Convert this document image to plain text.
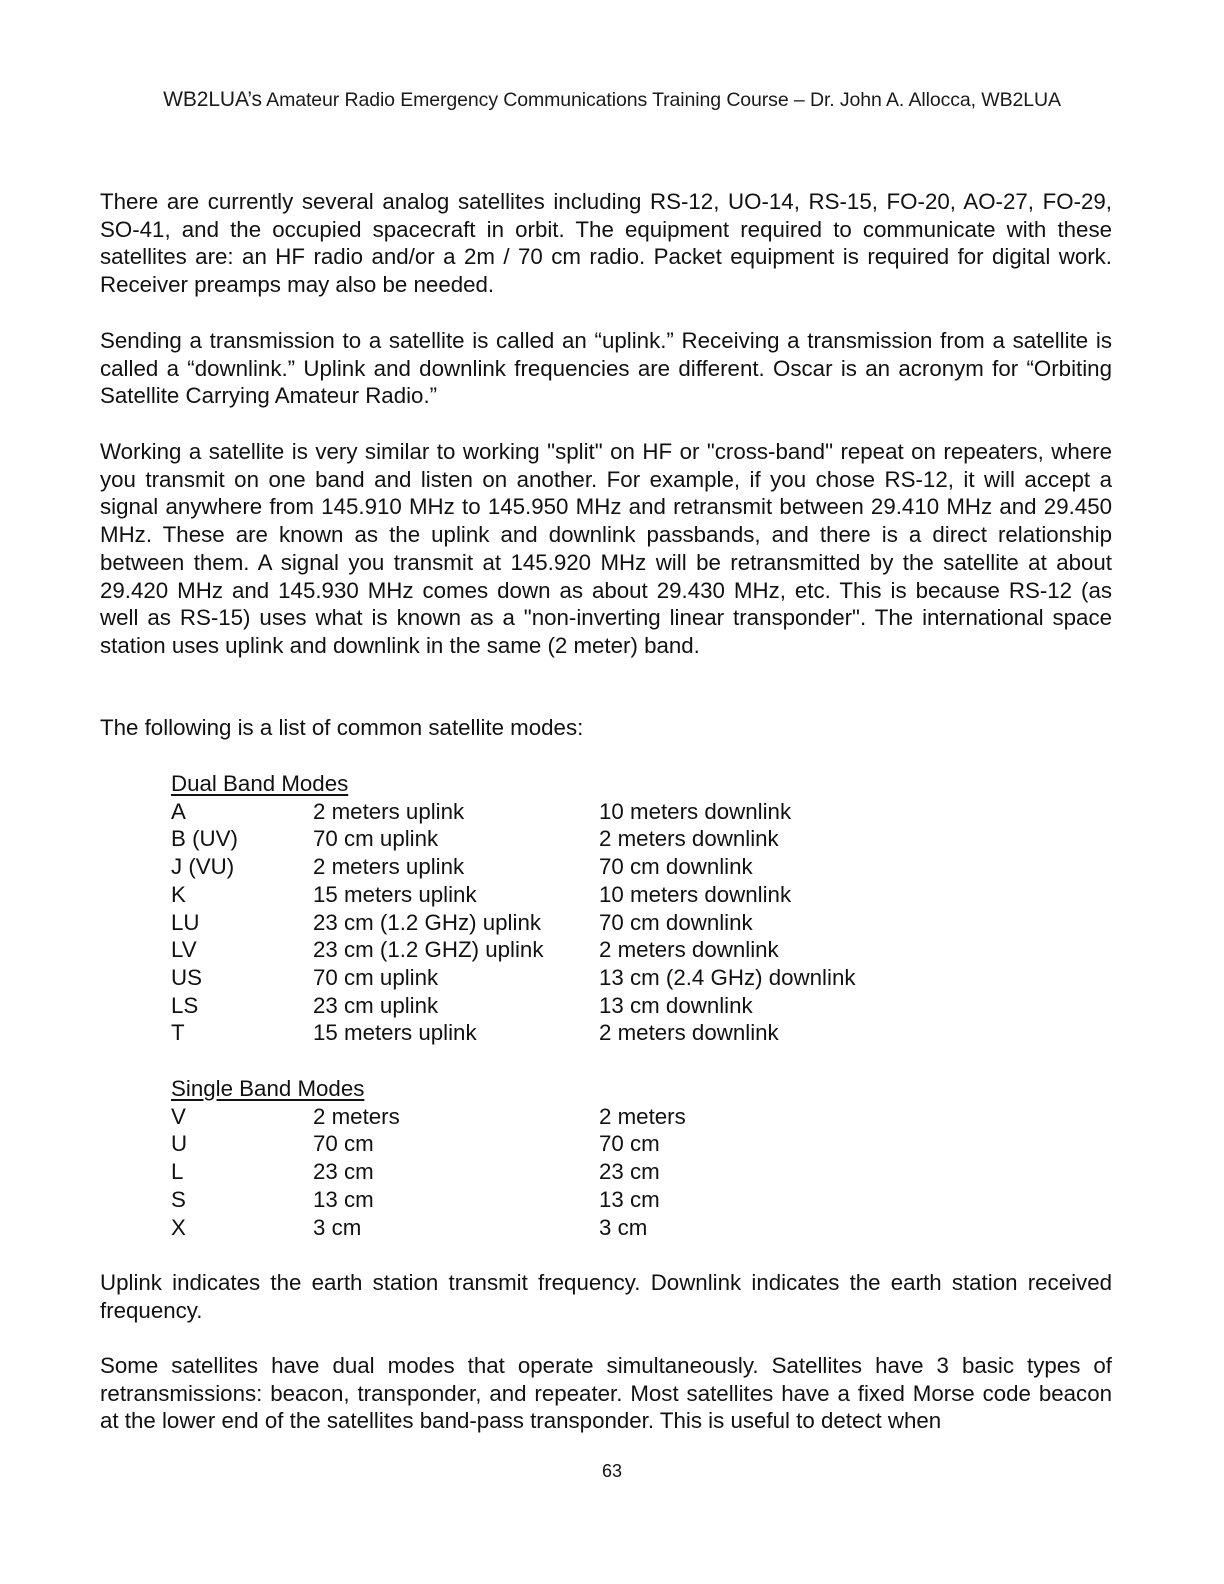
WB2LUA’s Amateur Radio Emergency Communications Training Course – Dr. John A. Allocca, WB2LUA

There are currently several analog satellites including RS-12, UO-14, RS-15, FO-20, AO-27, FO-29, SO-41, and the occupied spacecraft in orbit. The equipment required to communicate with these satellites are: an HF radio and/or a 2m / 70 cm radio. Packet equipment is required for digital work. Receiver preamps may also be needed.

Sending a transmission to a satellite is called an “uplink.” Receiving a transmission from a satellite is called a “downlink.” Uplink and downlink frequencies are different. Oscar is an acronym for “Orbiting Satellite Carrying Amateur Radio.”

Working a satellite is very similar to working "split" on HF or "cross-band" repeat on repeaters, where you transmit on one band and listen on another. For example, if you chose RS-12, it will accept a signal anywhere from 145.910 MHz to 145.950 MHz and retransmit between 29.410 MHz and 29.450 MHz. These are known as the uplink and downlink passbands, and there is a direct relationship between them. A signal you transmit at 145.920 MHz will be retransmitted by the satellite at about 29.420 MHz and 145.930 MHz comes down as about 29.430 MHz, etc. This is because RS-12 (as well as RS-15) uses what is known as a "non-inverting linear transponder". The international space station uses uplink and downlink in the same (2 meter) band.

The following is a list of common satellite modes:

Dual Band Modes
A	2 meters uplink	10 meters downlink
B (UV)	70 cm uplink	2 meters downlink
J (VU)	2 meters uplink	70 cm downlink
K	15 meters uplink	10 meters downlink
LU	23 cm (1.2 GHz) uplink	70 cm downlink
LV	23 cm (1.2 GHZ) uplink	2 meters downlink
US	70 cm uplink	13 cm (2.4 GHz) downlink
LS	23 cm uplink	13 cm downlink
T	15 meters uplink	2 meters downlink
Single Band Modes
V	2 meters	2 meters
U	70 cm	70 cm
L	23 cm	23 cm
S	13 cm	13 cm
X	3 cm	3 cm

Uplink indicates the earth station transmit frequency. Downlink indicates the earth station received frequency.

Some satellites have dual modes that operate simultaneously. Satellites have 3 basic types of retransmissions: beacon, transponder, and repeater. Most satellites have a fixed Morse code beacon at the lower end of the satellites band-pass transponder. This is useful to detect when

63
